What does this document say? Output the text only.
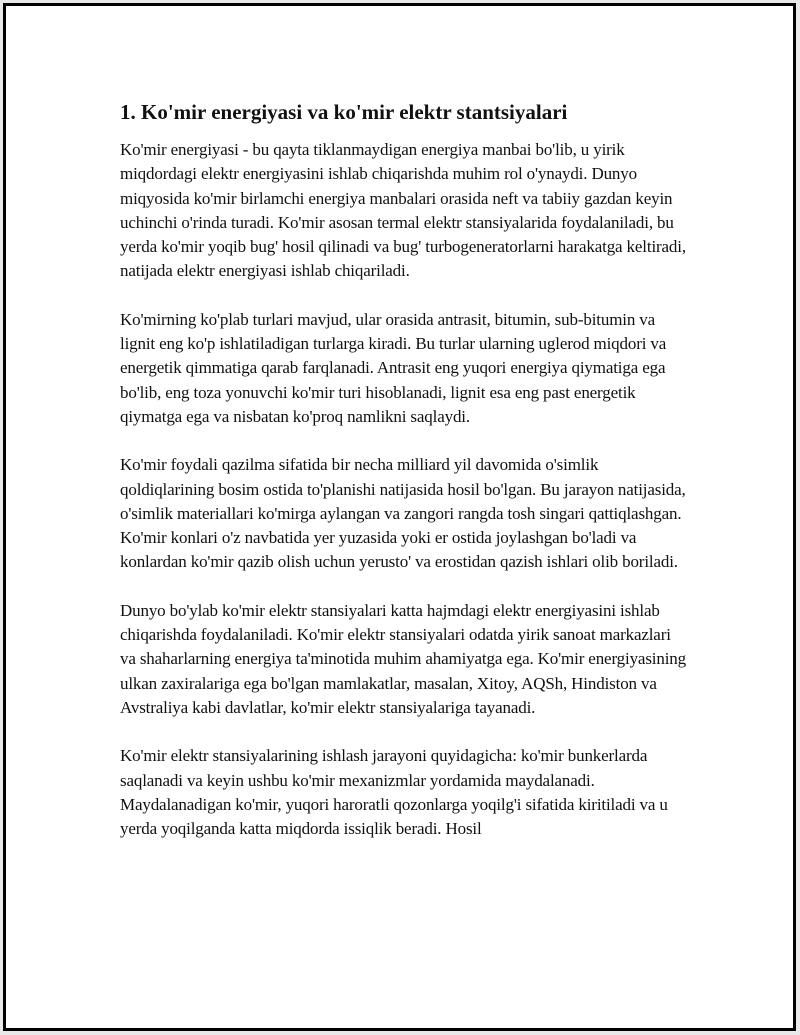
1. Ko'mir energiyasi va ko'mir elektr stantsiyalari

Ko'mir energiyasi - bu qayta tiklanmaydigan energiya manbai bo'lib, u yirik miqdordagi elektr energiyasini ishlab chiqarishda muhim rol o'ynaydi. Dunyo miqyosida ko'mir birlamchi energiya manbalari orasida neft va tabiiy gazdan keyin uchinchi o'rinda turadi. Ko'mir asosan termal elektr stansiyalarida foydalaniladi, bu yerda ko'mir yoqib bug' hosil qilinadi va bug' turbogeneratorlarni harakatga keltiradi, natijada elektr energiyasi ishlab chiqariladi.

Ko'mirning ko'plab turlari mavjud, ular orasida antrasit, bitumin, sub-bitumin va lignit eng ko'p ishlatiladigan turlarga kiradi. Bu turlar ularning uglerod miqdori va energetik qimmatiga qarab farqlanadi. Antrasit eng yuqori energiya qiymatiga ega bo'lib, eng toza yonuvchi ko'mir turi hisoblanadi, lignit esa eng past energetik qiymatga ega va nisbatan ko'proq namlikni saqlaydi.

Ko'mir foydali qazilma sifatida bir necha milliard yil davomida o'simlik qoldiqlarining bosim ostida to'planishi natijasida hosil bo'lgan. Bu jarayon natijasida, o'simlik materiallari ko'mirga aylangan va zangori rangda tosh singari qattiqlashgan. Ko'mir konlari o'z navbatida yer yuzasida yoki er ostida joylashgan bo'ladi va konlardan ko'mir qazib olish uchun yerusto' va erostidan qazish ishlari olib boriladi.

Dunyo bo'ylab ko'mir elektr stansiyalari katta hajmdagi elektr energiyasini ishlab chiqarishda foydalaniladi. Ko'mir elektr stansiyalari odatda yirik sanoat markazlari va shaharlarning energiya ta'minotida muhim ahamiyatga ega. Ko'mir energiyasining ulkan zaxiralariga ega bo'lgan mamlakatlar, masalan, Xitoy, AQSh, Hindiston va Avstraliya kabi davlatlar, ko'mir elektr stansiyalariga tayanadi.

Ko'mir elektr stansiyalarining ishlash jarayoni quyidagicha: ko'mir bunkerlarda saqlanadi va keyin ushbu ko'mir mexanizmlar yordamida maydalanadi. Maydalanadigan ko'mir, yuqori haroratli qozonlarga yoqilg'i sifatida kiritiladi va u yerda yoqilganda katta miqdorda issiqlik beradi. Hosil
